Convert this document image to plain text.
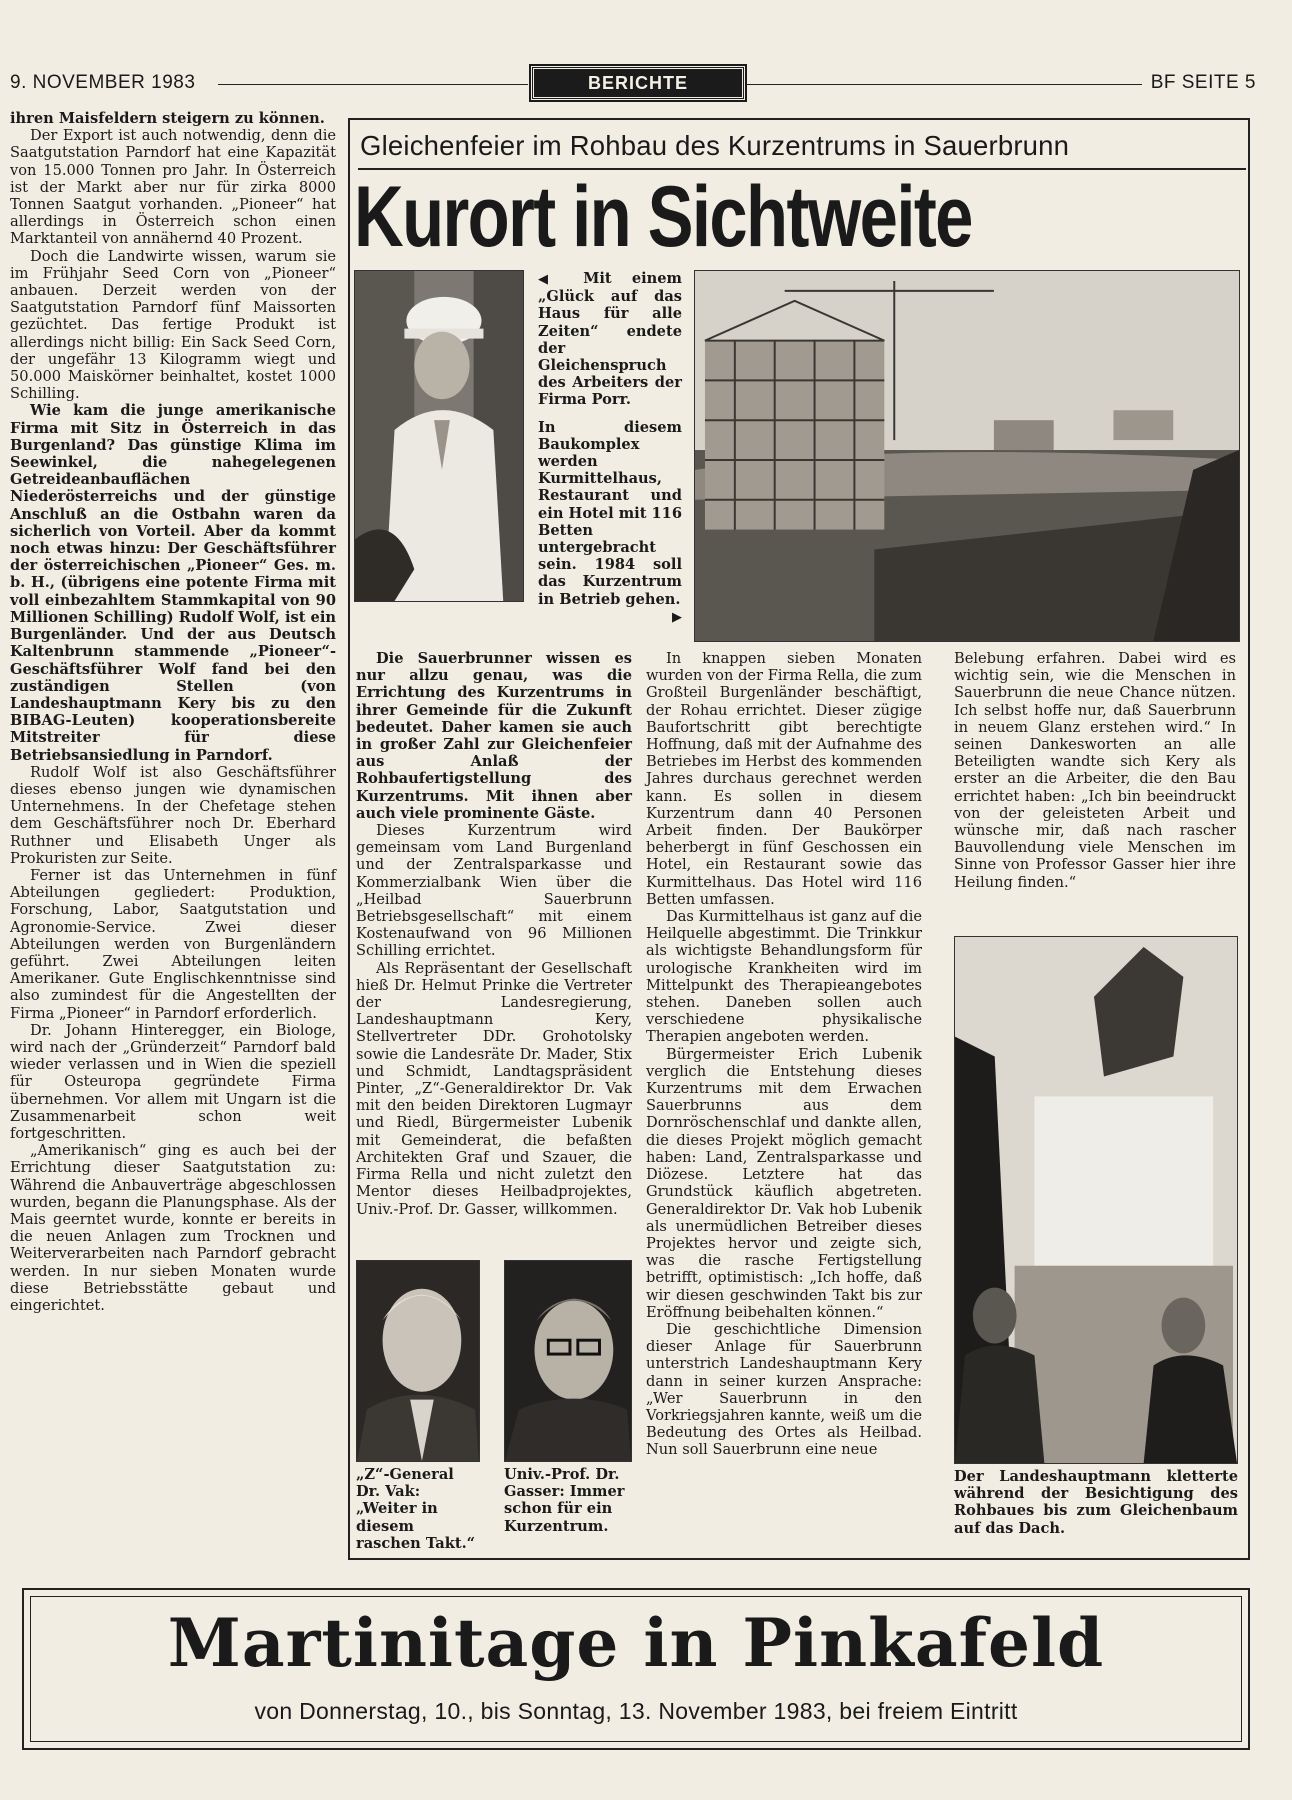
9. NOVEMBER 1983	BERICHTE	BF SEITE 5

ihren Maisfeldern steigern zu können.

Der Export ist auch notwendig, denn die Saatgutstation Parndorf hat eine Kapazität von 15.000 Tonnen pro Jahr. In Österreich ist der Markt aber nur für zirka 8000 Tonnen Saatgut vorhanden. „Pioneer“ hat allerdings in Österreich schon einen Marktanteil von annähernd 40 Prozent.

Doch die Landwirte wissen, warum sie im Frühjahr Seed Corn von „Pioneer“ anbauen. Derzeit werden von der Saatgutstation Parndorf fünf Maissorten gezüchtet. Das fertige Produkt ist allerdings nicht billig: Ein Sack Seed Corn, der ungefähr 13 Kilogramm wiegt und 50.000 Maiskörner beinhaltet, kostet 1000 Schilling.

Wie kam die junge amerikanische Firma mit Sitz in Österreich in das Burgenland? Das günstige Klima im Seewinkel, die nahegelegenen Getreideanbauflächen Niederösterreichs und der günstige Anschluß an die Ostbahn waren da sicherlich von Vorteil. Aber da kommt noch etwas hinzu: Der Geschäftsführer der österreichischen „Pioneer“ Ges. m. b. H., (übrigens eine potente Firma mit voll einbezahltem Stammkapital von 90 Millionen Schilling) Rudolf Wolf, ist ein Burgenländer. Und der aus Deutsch Kaltenbrunn stammende „Pioneer“-Geschäftsführer Wolf fand bei den zuständigen Stellen (von Landeshauptmann Kery bis zu den BIBAG-Leuten) kooperationsbereite Mitstreiter für diese Betriebsansiedlung in Parndorf.

Rudolf Wolf ist also Geschäftsführer dieses ebenso jungen wie dynamischen Unternehmens. In der Chefetage stehen dem Geschäftsführer noch Dr. Eberhard Ruthner und Elisabeth Unger als Prokuristen zur Seite.

Ferner ist das Unternehmen in fünf Abteilungen gegliedert: Produktion, Forschung, Labor, Saatgutstation und Agronomie-Service. Zwei dieser Abteilungen werden von Burgenländern geführt. Zwei Abteilungen leiten Amerikaner. Gute Englischkenntnisse sind also zumindest für die Angestellten der Firma „Pioneer“ in Parndorf erforderlich.

Dr. Johann Hinteregger, ein Biologe, wird nach der „Gründerzeit“ Parndorf bald wieder verlassen und in Wien die speziell für Osteuropa gegründete Firma übernehmen. Vor allem mit Ungarn ist die Zusammenarbeit schon weit fortgeschritten.

„Amerikanisch“ ging es auch bei der Errichtung dieser Saatgutstation zu: Während die Anbauverträge abgeschlossen wurden, begann die Planungsphase. Als der Mais geerntet wurde, konnte er bereits in die neuen Anlagen zum Trocknen und Weiterverarbeiten nach Parndorf gebracht werden. In nur sieben Monaten wurde diese Betriebsstätte gebaut und eingerichtet.

Gleichenfeier im Rohbau des Kurzentrums in Sauerbrunn
Kurort in Sichtweite

◀ Mit einem „Glück auf das Haus für alle Zeiten“ endete der Gleichenspruch des Arbeiters der Firma Porr.

In diesem Baukomplex werden Kurmittelhaus, Restaurant und ein Hotel mit 116 Betten untergebracht sein. 1984 soll das Kurzentrum in Betrieb gehen.

▶

Die Sauerbrunner wissen es nur allzu genau, was die Errichtung des Kurzentrums in ihrer Gemeinde für die Zukunft bedeutet. Daher kamen sie auch in großer Zahl zur Gleichenfeier aus Anlaß der Rohbaufertigstellung des Kurzentrums. Mit ihnen aber auch viele prominente Gäste.

Dieses Kurzentrum wird gemeinsam vom Land Burgenland und der Zentralsparkasse und Kommerzialbank Wien über die „Heilbad Sauerbrunn Betriebsgesellschaft“ mit einem Kostenaufwand von 96 Millionen Schilling errichtet.

Als Repräsentant der Gesellschaft hieß Dr. Helmut Prinke die Vertreter der Landesregierung, Landeshauptmann Kery, Stellvertreter DDr. Grohotolsky sowie die Landesräte Dr. Mader, Stix und Schmidt, Landtagspräsident Pinter, „Z“-Generaldirektor Dr. Vak mit den beiden Direktoren Lugmayr und Riedl, Bürgermeister Lubenik mit Gemeinderat, die befaßten Architekten Graf und Szauer, die Firma Rella und nicht zuletzt den Mentor dieses Heilbadprojektes, Univ.-Prof. Dr. Gasser, willkommen.

In knappen sieben Monaten wurden von der Firma Rella, die zum Großteil Burgenländer beschäftigt, der Rohau errichtet. Dieser zügige Baufortschritt gibt berechtigte Hoffnung, daß mit der Aufnahme des Betriebes im Herbst des kommenden Jahres durchaus gerechnet werden kann. Es sollen in diesem Kurzentrum dann 40 Personen Arbeit finden. Der Baukörper beherbergt in fünf Geschossen ein Hotel, ein Restaurant sowie das Kurmittelhaus. Das Hotel wird 116 Betten umfassen.

Das Kurmittelhaus ist ganz auf die Heilquelle abgestimmt. Die Trinkkur als wichtigste Behandlungsform für urologische Krankheiten wird im Mittelpunkt des Therapieangebotes stehen. Daneben sollen auch verschiedene physikalische Therapien angeboten werden.

Bürgermeister Erich Lubenik verglich die Entstehung dieses Kurzentrums mit dem Erwachen Sauerbrunns aus dem Dornröschenschlaf und dankte allen, die dieses Projekt möglich gemacht haben: Land, Zentralsparkasse und Diözese. Letztere hat das Grundstück käuflich abgetreten. Generaldirektor Dr. Vak hob Lubenik als unermüdlichen Betreiber dieses Projektes hervor und zeigte sich, was die rasche Fertigstellung betrifft, optimistisch: „Ich hoffe, daß wir diesen geschwinden Takt bis zur Eröffnung beibehalten können.“

Die geschichtliche Dimension dieser Anlage für Sauerbrunn unterstrich Landeshauptmann Kery dann in seiner kurzen Ansprache: „Wer Sauerbrunn in den Vorkriegsjahren kannte, weiß um die Bedeutung des Ortes als Heilbad. Nun soll Sauerbrunn eine neue

Belebung erfahren. Dabei wird es wichtig sein, wie die Menschen in Sauerbrunn die neue Chance nützen. Ich selbst hoffe nur, daß Sauerbrunn in neuem Glanz erstehen wird.“ In seinen Dankesworten an alle Beteiligten wandte sich Kery als erster an die Arbeiter, die den Bau errichtet haben: „Ich bin beeindruckt von der geleisteten Arbeit und wünsche mir, daß nach rascher Bauvollendung viele Menschen im Sinne von Professor Gasser hier ihre Heilung finden.“

„Z“-General Dr. Vak: „Weiter in diesem raschen Takt.“
Univ.-Prof. Dr. Gasser: Immer schon für ein Kurzentrum.
Der Landeshauptmann kletterte während der Besichtigung des Rohbaues bis zum Gleichenbaum auf das Dach.
Martinitage in Pinkafeld
von Donnerstag, 10., bis Sonntag, 13. November 1983, bei freiem Eintritt
